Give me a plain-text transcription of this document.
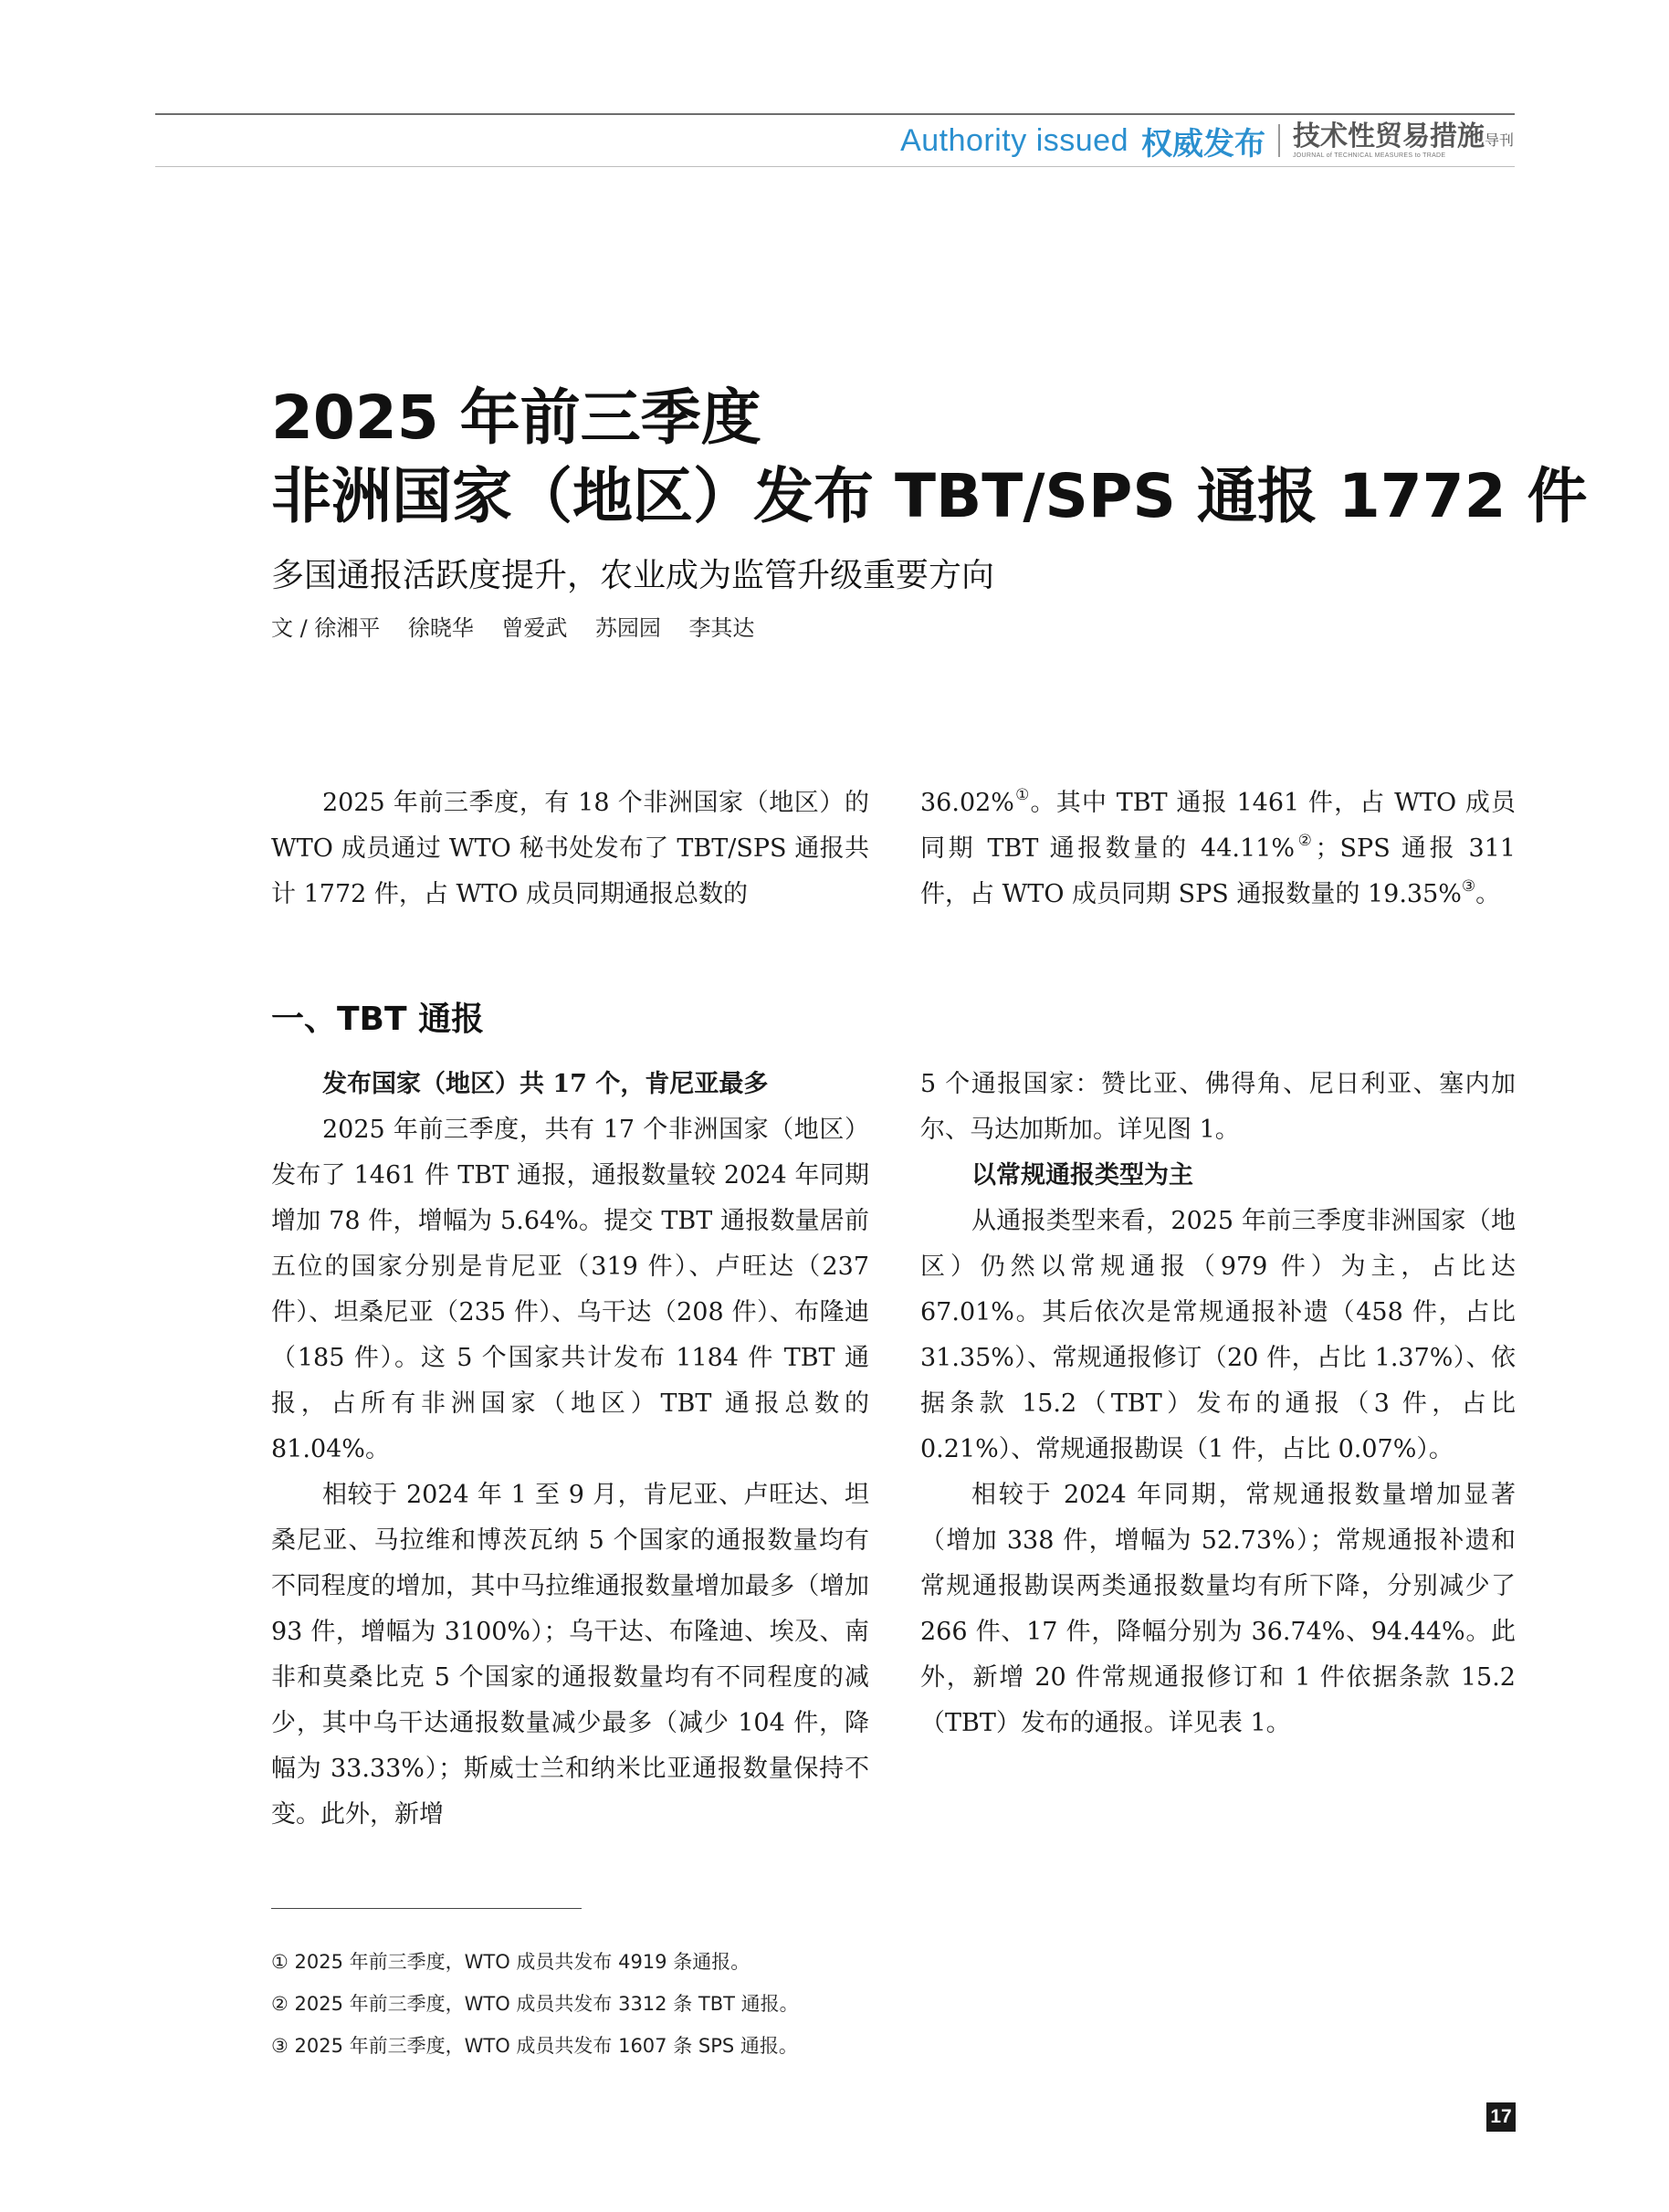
Authority issued 权威发布 技术性贸易措施导刊
JOURNAL of TECHNICAL MEASURES to TRADE
2025 年前三季度
非洲国家（地区）发布 TBT/SPS 通报 1772 件
多国通报活跃度提升，农业成为监管升级重要方向
文 / 徐湘平    徐晓华    曾爱武    苏园园    李其达

2025 年前三季度，有 18 个非洲国家（地区）的 WTO 成员通过 WTO 秘书处发布了 TBT/SPS 通报共计 1772 件，占 WTO 成员同期通报总数的

36.02%①。其中 TBT 通报 1461 件，占 WTO 成员同期 TBT 通报数量的 44.11%②；SPS 通报 311 件，占 WTO 成员同期 SPS 通报数量的 19.35%③。

一、TBT 通报

发布国家（地区）共 17 个，肯尼亚最多

2025 年前三季度，共有 17 个非洲国家（地区）发布了 1461 件 TBT 通报，通报数量较 2024 年同期增加 78 件，增幅为 5.64%。提交 TBT 通报数量居前五位的国家分别是肯尼亚（319 件）、卢旺达（237 件）、坦桑尼亚（235 件）、乌干达（208 件）、布隆迪（185 件）。这 5 个国家共计发布 1184 件 TBT 通报，占所有非洲国家（地区）TBT 通报总数的 81.04%。

相较于 2024 年 1 至 9 月，肯尼亚、卢旺达、坦桑尼亚、马拉维和博茨瓦纳 5 个国家的通报数量均有不同程度的增加，其中马拉维通报数量增加最多（增加 93 件，增幅为 3100%）；乌干达、布隆迪、埃及、南非和莫桑比克 5 个国家的通报数量均有不同程度的减少，其中乌干达通报数量减少最多（减少 104 件，降幅为 33.33%）；斯威士兰和纳米比亚通报数量保持不变。此外，新增

5 个通报国家：赞比亚、佛得角、尼日利亚、塞内加尔、马达加斯加。详见图 1。

以常规通报类型为主

从通报类型来看，2025 年前三季度非洲国家（地区）仍然以常规通报（979 件）为主，占比达 67.01%。其后依次是常规通报补遗（458 件，占比 31.35%）、常规通报修订（20 件，占比 1.37%）、依据条款 15.2（TBT）发布的通报（3 件，占比 0.21%）、常规通报勘误（1 件，占比 0.07%）。

相较于 2024 年同期，常规通报数量增加显著（增加 338 件，增幅为 52.73%）；常规通报补遗和常规通报勘误两类通报数量均有所下降，分别减少了 266 件、17 件，降幅分别为 36.74%、94.44%。此外，新增 20 件常规通报修订和 1 件依据条款 15.2（TBT）发布的通报。详见表 1。

① 2025 年前三季度，WTO 成员共发布 4919 条通报。
② 2025 年前三季度，WTO 成员共发布 3312 条 TBT 通报。
③ 2025 年前三季度，WTO 成员共发布 1607 条 SPS 通报。
17
